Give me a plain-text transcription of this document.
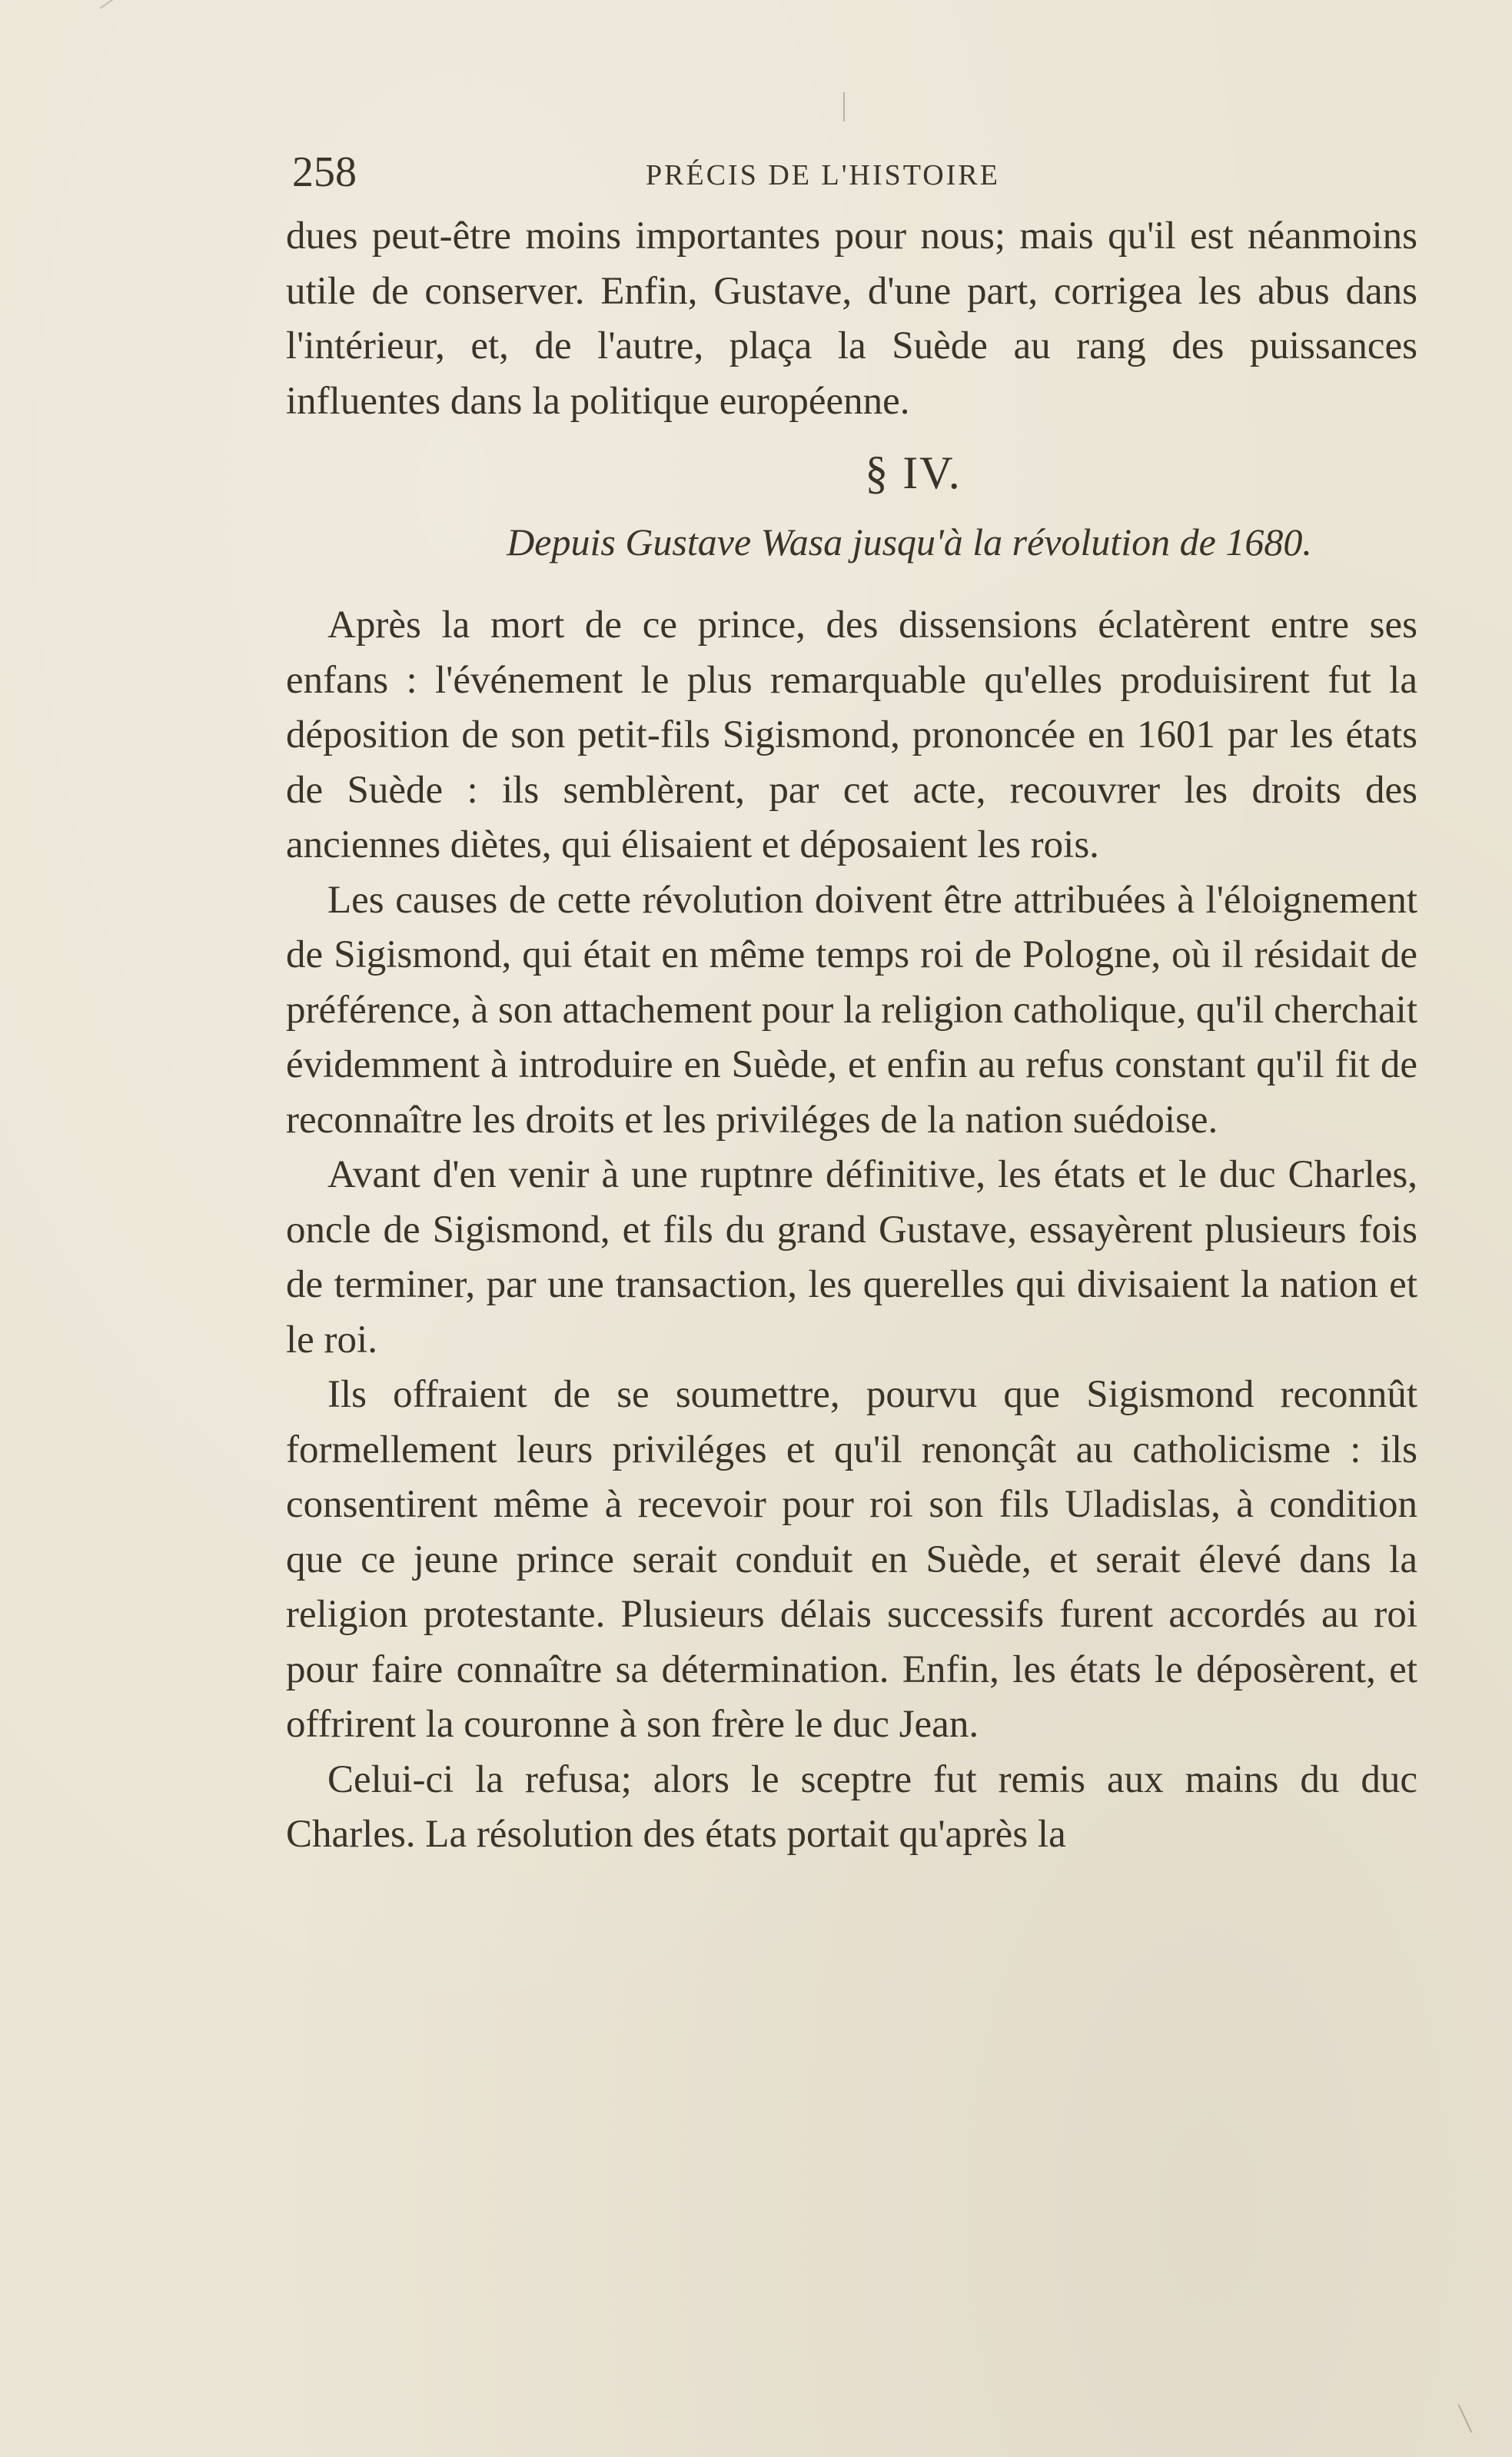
258	PRÉCIS DE L'HISTOIRE

dues peut-être moins importantes pour nous; mais qu'il est néanmoins utile de conserver. Enfin, Gustave, d'une part, corrigea les abus dans l'intérieur, et, de l'autre, plaça la Suède au rang des puissances influentes dans la politique européenne.

§ IV.
Depuis Gustave Wasa jusqu'à la révolution de 1680.

Après la mort de ce prince, des dissensions éclatèrent entre ses enfans : l'événement le plus remarquable qu'elles produisirent fut la déposition de son petit-fils Sigismond, prononcée en 1601 par les états de Suède : ils semblèrent, par cet acte, recouvrer les droits des anciennes diètes, qui élisaient et déposaient les rois.

Les causes de cette révolution doivent être attribuées à l'éloignement de Sigismond, qui était en même temps roi de Pologne, où il résidait de préférence, à son attachement pour la religion catholique, qu'il cherchait évidemment à introduire en Suède, et enfin au refus constant qu'il fit de reconnaître les droits et les priviléges de la nation suédoise.

Avant d'en venir à une ruptnre définitive, les états et le duc Charles, oncle de Sigismond, et fils du grand Gustave, essayèrent plusieurs fois de terminer, par une transaction, les querelles qui divisaient la nation et le roi.

Ils offraient de se soumettre, pourvu que Sigismond reconnût formellement leurs priviléges et qu'il renonçât au catholicisme : ils consentirent même à recevoir pour roi son fils Uladislas, à condition que ce jeune prince serait conduit en Suède, et serait élevé dans la religion protestante. Plusieurs délais successifs furent accordés au roi pour faire connaître sa détermination. Enfin, les états le déposèrent, et offrirent la couronne à son frère le duc Jean.

Celui-ci la refusa; alors le sceptre fut remis aux mains du duc Charles. La résolution des états portait qu'après la
